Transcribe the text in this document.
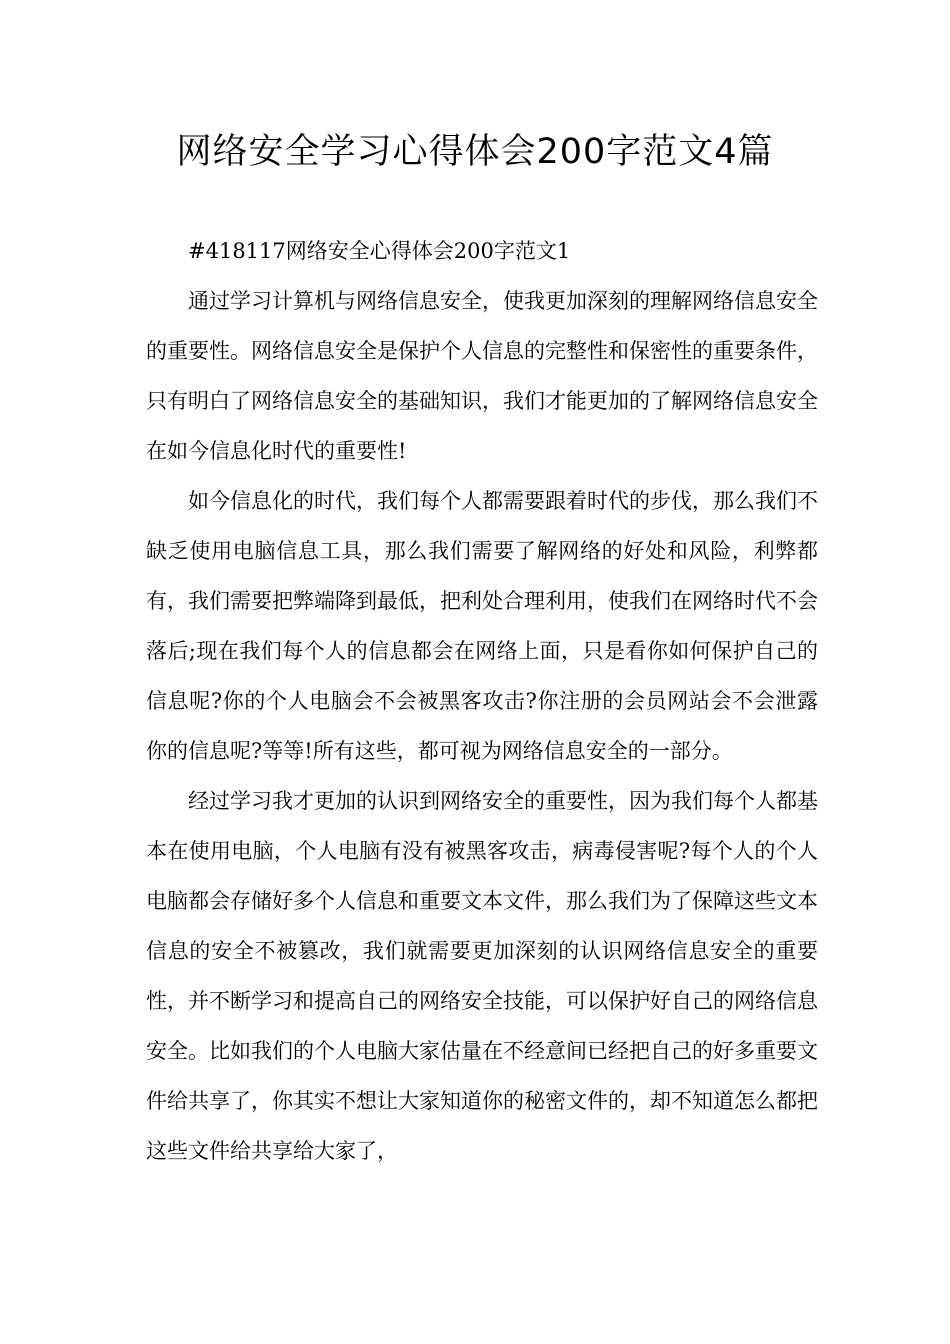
网络安全学习心得体会200字范文4篇

#418117网络安全心得体会200字范文1

通过学习计算机与网络信息安全，使我更加深刻的理解网络信息安全的重要性。网络信息安全是保护个人信息的完整性和保密性的重要条件，只有明白了网络信息安全的基础知识，我们才能更加的了解网络信息安全在如今信息化时代的重要性!

如今信息化的时代，我们每个人都需要跟着时代的步伐，那么我们不缺乏使用电脑信息工具，那么我们需要了解网络的好处和风险，利弊都有，我们需要把弊端降到最低，把利处合理利用，使我们在网络时代不会落后;现在我们每个人的信息都会在网络上面，只是看你如何保护自己的信息呢?你的个人电脑会不会被黑客攻击?你注册的会员网站会不会泄露你的信息呢?等等!所有这些，都可视为网络信息安全的一部分。

经过学习我才更加的认识到网络安全的重要性，因为我们每个人都基本在使用电脑，个人电脑有没有被黑客攻击，病毒侵害呢?每个人的个人电脑都会存储好多个人信息和重要文本文件，那么我们为了保障这些文本信息的安全不被篡改，我们就需要更加深刻的认识网络信息安全的重要性，并不断学习和提高自己的网络安全技能，可以保护好自己的网络信息安全。比如我们的个人电脑大家估量在不经意间已经把自己的好多重要文件给共享了，你其实不想让大家知道你的秘密文件的，却不知道怎么都把这些文件给共享给大家了，
